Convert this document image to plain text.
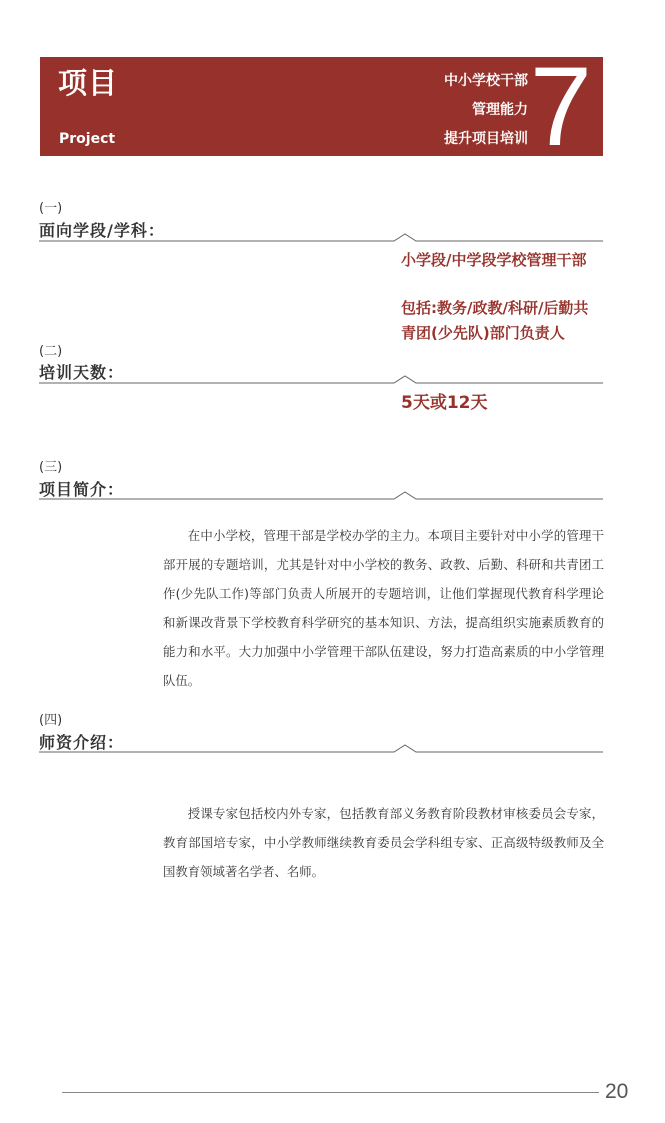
项目
Project
中小学校干部
管理能力
提升项目培训 7
(一)
面向学段/学科：
小学段/中学段学校管理干部
包括:教务/政教/科研/后勤共
青团(少先队)部门负责人
(二)
培训天数：
5天或12天
(三)
项目简介：
在中小学校，管理干部是学校办学的主力。本项目主要针对中小学的管理干部开展的专题培训，尤其是针对中小学校的教务、政教、后勤、科研和共青团工作(少先队工作)等部门负责人所展开的专题培训，让他们掌握现代教育科学理论和新课改背景下学校教育科学研究的基本知识、方法，提高组织实施素质教育的能力和水平。大力加强中小学管理干部队伍建设，努力打造高素质的中小学管理队伍。
(四)
师资介绍：
授课专家包括校内外专家，包括教育部义务教育阶段教材审核委员会专家，教育部国培专家，中小学教师继续教育委员会学科组专家、正高级特级教师及全国教育领域著名学者、名师。
20
